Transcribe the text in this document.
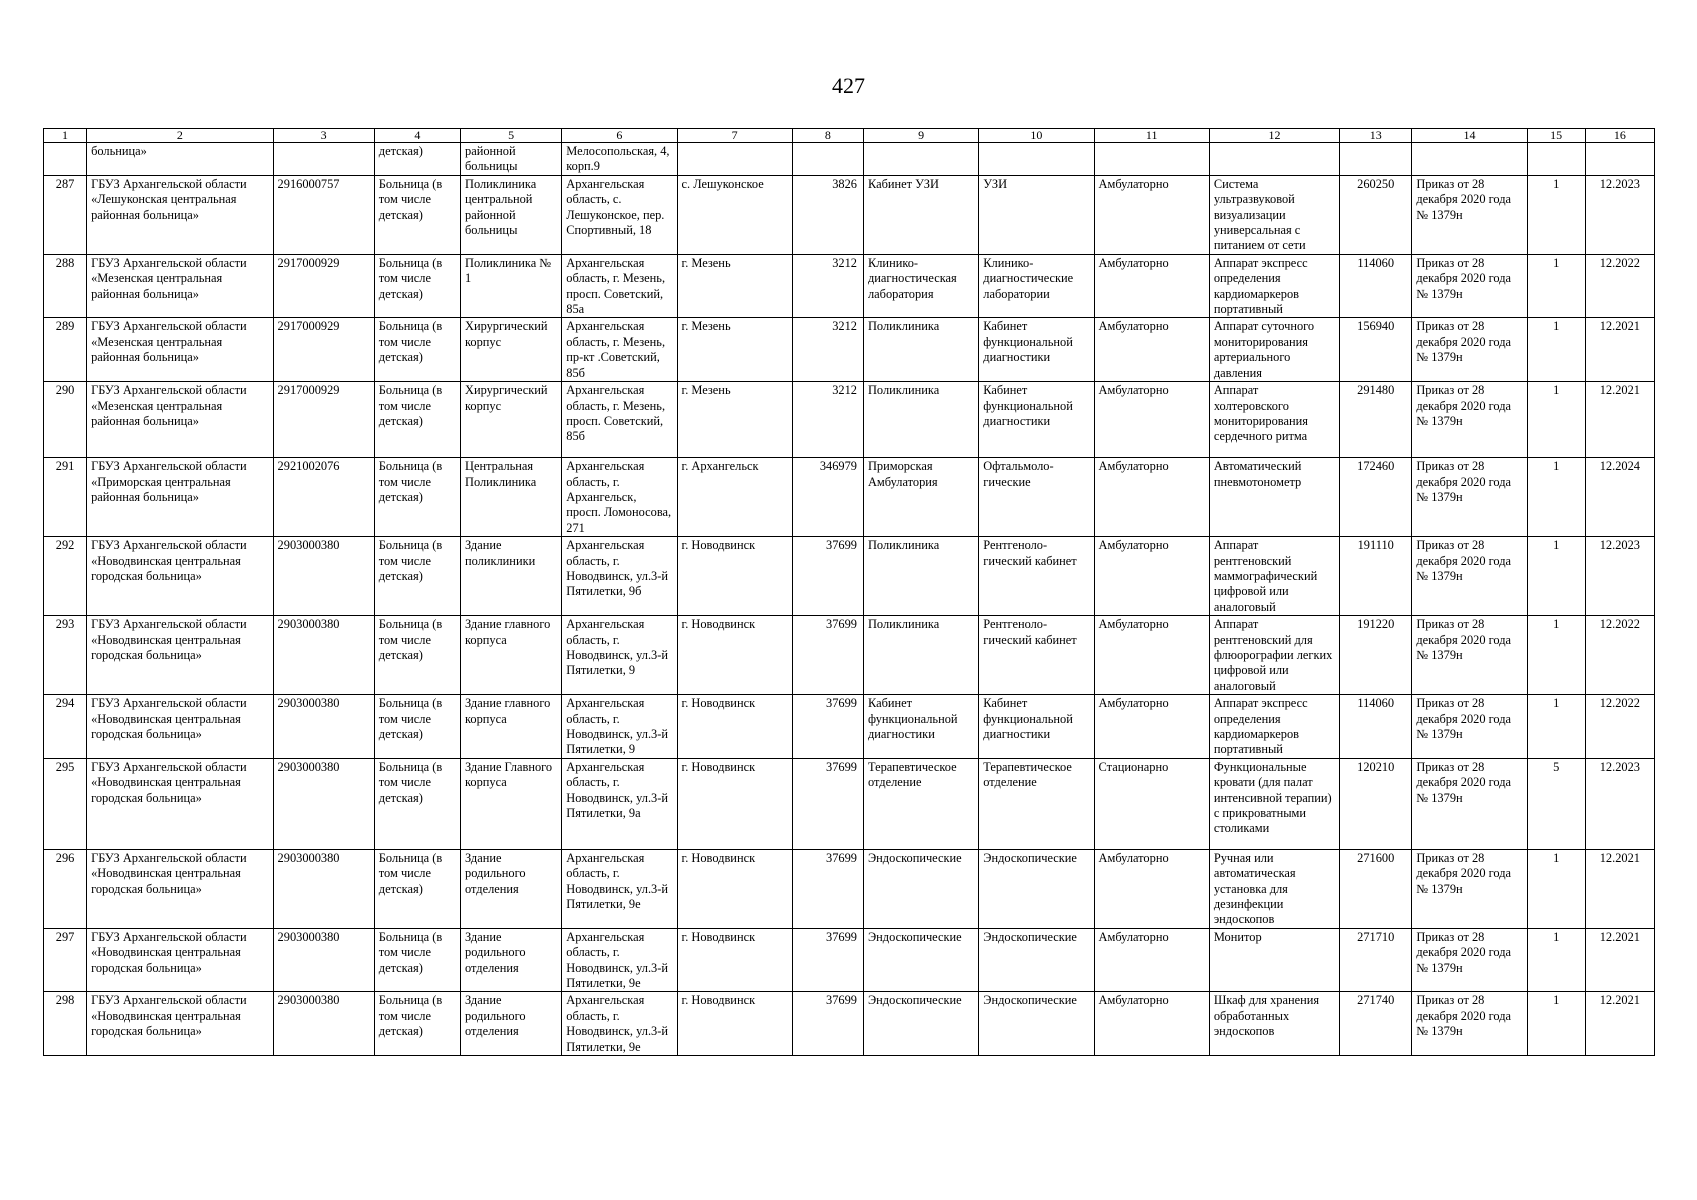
427
1	2	3	4	5	6	7	8	9	10	11	12	13	14	15	16
	больница»		детская)	районной больницы	Мелосопольская, 4, корп.9										
287	ГБУЗ Архангельской области «Лешуконская центральная районная больница»	2916000757	Больница (в том числе детская)	Поликлиника центральной районной больницы	Архангельская область, с. Лешуконское, пер. Спортивный, 18	с. Лешуконское	3826	Кабинет УЗИ	УЗИ	Амбулаторно	Система ультразвуковой визуализации универсальная с питанием от сети	260250	Приказ от 28 декабря 2020 года № 1379н	1	12.2023
288	ГБУЗ Архангельской области «Мезенская центральная районная больница»	2917000929	Больница (в том числе детская)	Поликлиника № 1	Архангельская область, г. Мезень, просп. Советский, 85а	г. Мезень	3212	Клинико-диагностическая лаборатория	Клинико-диагностические лаборатории	Амбулаторно	Аппарат экспресс определения кардиомаркеров портативный	114060	Приказ от 28 декабря 2020 года № 1379н	1	12.2022
289	ГБУЗ Архангельской области «Мезенская центральная районная больница»	2917000929	Больница (в том числе детская)	Хирургический корпус	Архангельская область, г. Мезень, пр-кт .Советский, 85б	г. Мезень	3212	Поликлиника	Кабинет функциональной диагностики	Амбулаторно	Аппарат суточного мониторирования артериального давления	156940	Приказ от 28 декабря 2020 года № 1379н	1	12.2021
290	ГБУЗ Архангельской области «Мезенская центральная районная больница»	2917000929	Больница (в том числе детская)	Хирургический корпус	Архангельская область, г. Мезень, просп. Советский, 85б	г. Мезень	3212	Поликлиника	Кабинет функциональной диагностики	Амбулаторно	Аппарат холтеровского мониторирования сердечного ритма	291480	Приказ от 28 декабря 2020 года № 1379н	1	12.2021
291	ГБУЗ Архангельской области «Приморская центральная районная больница»	2921002076	Больница (в том числе детская)	Центральная Поликлиника	Архангельская область, г. Архангельск, просп. Ломоносова, 271	г. Архангельск	346979	Приморская Амбулатория	Офтальмоло-гические	Амбулаторно	Автоматический пневмотонометр	172460	Приказ от 28 декабря 2020 года № 1379н	1	12.2024
292	ГБУЗ Архангельской области «Новодвинская центральная городская больница»	2903000380	Больница (в том числе детская)	Здание поликлиники	Архангельская область, г. Новодвинск, ул.3-й Пятилетки, 9б	г. Новодвинск	37699	Поликлиника	Рентгеноло-гический кабинет	Амбулаторно	Аппарат рентгеновский маммографический цифровой или аналоговый	191110	Приказ от 28 декабря 2020 года № 1379н	1	12.2023
293	ГБУЗ Архангельской области «Новодвинская центральная городская больница»	2903000380	Больница (в том числе детская)	Здание главного корпуса	Архангельская область, г. Новодвинск, ул.3-й Пятилетки, 9	г. Новодвинск	37699	Поликлиника	Рентгеноло-гический кабинет	Амбулаторно	Аппарат рентгеновский для флюорографии легких цифровой или аналоговый	191220	Приказ от 28 декабря 2020 года № 1379н	1	12.2022
294	ГБУЗ Архангельской области «Новодвинская центральная городская больница»	2903000380	Больница (в том числе детская)	Здание главного корпуса	Архангельская область, г. Новодвинск, ул.3-й Пятилетки, 9	г. Новодвинск	37699	Кабинет функциональной диагностики	Кабинет функциональной диагностики	Амбулаторно	Аппарат экспресс определения кардиомаркеров портативный	114060	Приказ от 28 декабря 2020 года № 1379н	1	12.2022
295	ГБУЗ Архангельской области «Новодвинская центральная городская больница»	2903000380	Больница (в том числе детская)	Здание Главного корпуса	Архангельская область, г. Новодвинск, ул.3-й Пятилетки, 9а	г. Новодвинск	37699	Терапевтическое отделение	Терапевтическое отделение	Стационарно	Функциональные кровати (для палат интенсивной терапии) с прикроватными столиками	120210	Приказ от 28 декабря 2020 года № 1379н	5	12.2023
296	ГБУЗ Архангельской области «Новодвинская центральная городская больница»	2903000380	Больница (в том числе детская)	Здание родильного отделения	Архангельская область, г. Новодвинск, ул.3-й Пятилетки, 9е	г. Новодвинск	37699	Эндоскопические	Эндоскопические	Амбулаторно	Ручная или автоматическая установка для дезинфекции эндоскопов	271600	Приказ от 28 декабря 2020 года № 1379н	1	12.2021
297	ГБУЗ Архангельской области «Новодвинская центральная городская больница»	2903000380	Больница (в том числе детская)	Здание родильного отделения	Архангельская область, г. Новодвинск, ул.3-й Пятилетки, 9е	г. Новодвинск	37699	Эндоскопические	Эндоскопические	Амбулаторно	Монитор	271710	Приказ от 28 декабря 2020 года № 1379н	1	12.2021
298	ГБУЗ Архангельской области «Новодвинская центральная городская больница»	2903000380	Больница (в том числе детская)	Здание родильного отделения	Архангельская область, г. Новодвинск, ул.3-й Пятилетки, 9е	г. Новодвинск	37699	Эндоскопические	Эндоскопические	Амбулаторно	Шкаф для хранения обработанных эндоскопов	271740	Приказ от 28 декабря 2020 года № 1379н	1	12.2021
